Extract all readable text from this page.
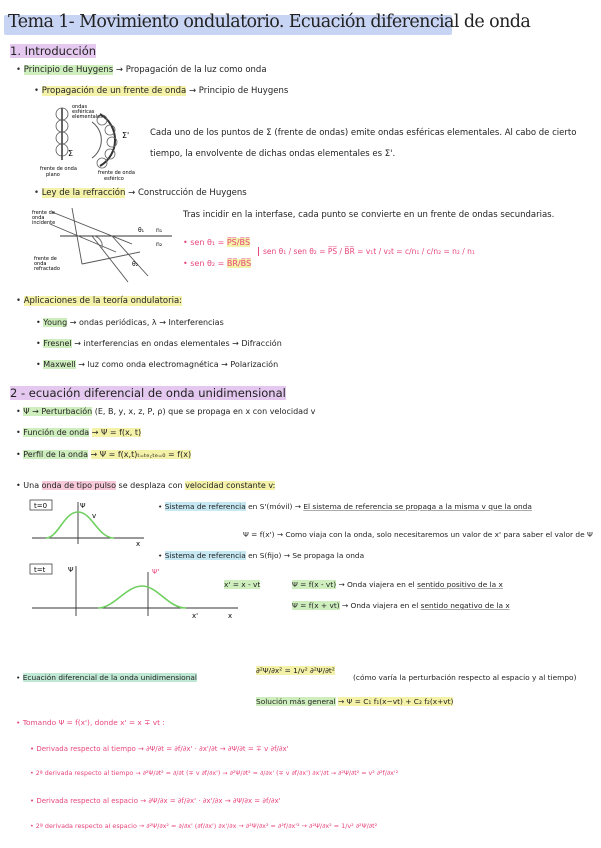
Tema 1- Movimiento ondulatorio. Ecuación diferencial de onda
1. Introducción
• Principio de Huygens → Propagación de la luz como onda
• Propagación de un frente de onda → Principio de Huygens
ondas
esféricas
elementales
Σ
Σ'
frente de onda
plano	frente de onda
esférico
Cada uno de los puntos de Σ (frente de ondas) emite ondas esféricas elementales. Al cabo de cierto
tiempo, la envolvente de dichas ondas elementales es Σ'.
• Ley de la refracción → Construcción de Huygens
frente de
onda
incidente
frente de
onda
refractado
n₁
n₂
θ₁
θ₂
Tras incidir en la interfase, cada punto se convierte en un frente de ondas secundarias.
• sen θ₁ = P̅S̅/B̅S̅
• sen θ₂ = B̅R̅/B̅S̅
sen θ₁ / sen θ₂ = P̅S̅ / B̅R̅ = v₁t / v₂t = c/n₁ / c/n₂ = n₂ / n₁
• Aplicaciones de la teoría ondulatoria:
• Young → ondas periódicas, λ → Interferencias
• Fresnel → interferencias en ondas elementales → Difracción
• Maxwell → luz como onda electromagnética → Polarización
2 - ecuación diferencial de onda unidimensional
• Ψ → Perturbación (E, B, y, x, z, P, ρ) que se propaga en x con velocidad v
• Función de onda → Ψ = f(x, t)
• Perfil de la onda → Ψ = f(x,t)ₜ₌ₜₑ꜀ₜₑ₌₀ = f(x)
• Una onda de tipo pulso se desplaza con velocidad constante v:
t=0	Ψ
v
x
t=t	Ψ	Ψ'
x
x'
• Sistema de referencia en S'(móvil) → El sistema de referencia se propaga a la misma v que la onda
Ψ = f(x') → Como viaja con la onda, solo necesitaremos un valor de x' para saber el valor de Ψ
• Sistema de referencia en S(fijo) → Se propaga la onda
x' = x - vt	Ψ = f(x - vt) → Onda viajera en el sentido positivo de la x
Ψ = f(x + vt) → Onda viajera en el sentido negativo de la x
• Ecuación diferencial de la onda unidimensional
∂²Ψ/∂x² = 1/v² ∂²Ψ/∂t²
(cómo varía la perturbación respecto al espacio y al tiempo)
Solución más general → Ψ = C₁ f₁(x−vt) + C₂ f₂(x+vt)
• Tomando Ψ = f(x'), donde x' = x ∓ vt :
• Derivada respecto al tiempo → ∂Ψ/∂t = ∂f/∂x' · ∂x'/∂t → ∂Ψ/∂t = ∓ v ∂f/∂x'
• 2ª derivada respecto al tiempo → ∂²Ψ/∂t² = ∂/∂t (∓ v ∂f/∂x') → ∂²Ψ/∂t² = ∂/∂x' (∓ v ∂f/∂x') ∂x'/∂t → ∂²Ψ/∂t² = v² ∂²f/∂x'²
• Derivada respecto al espacio → ∂Ψ/∂x = ∂f/∂x' · ∂x'/∂x → ∂Ψ/∂x = ∂f/∂x'
• 2ª derivada respecto al espacio → ∂²Ψ/∂x² = ∂/∂x' (∂f/∂x') ∂x'/∂x → ∂²Ψ/∂x² = ∂²f/∂x'² → ∂²Ψ/∂x² = 1/v² ∂²Ψ/∂t²
